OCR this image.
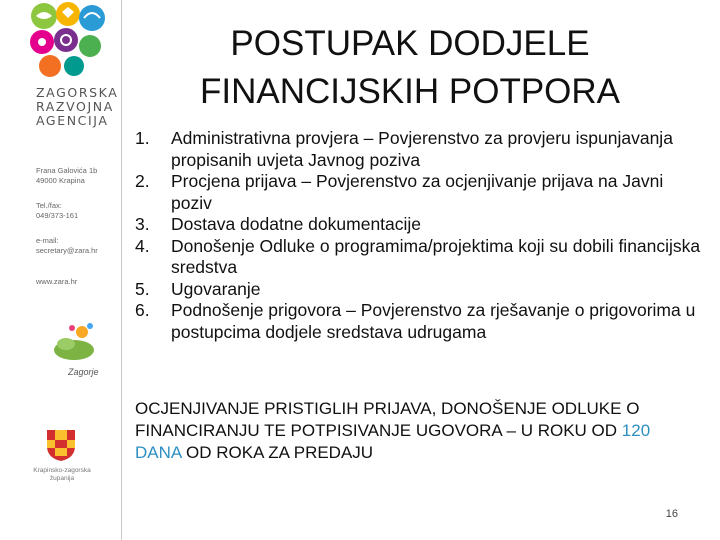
ZAGORSKA
RAZVOJNA
AGENCIJA
Frana Galovića 1b
49000 Krapina
Tel./fax:
049/373-161
e-mail:
secretary@zara.hr
www.zara.hr
Zagorje
Krapinsko-zagorska
županija
POSTUPAK DODJELE
FINANCIJSKIH POTPORA
1. Administrativna provjera – Povjerenstvo za provjeru ispunjavanja propisanih uvjeta Javnog poziva
2. Procjena prijava – Povjerenstvo za ocjenjivanje prijava na Javni poziv
3. Dostava dodatne dokumentacije
4. Donošenje Odluke o programima/projektima koji su dobili financijska sredstva
5. Ugovaranje
6. Podnošenje prigovora – Povjerenstvo za rješavanje o prigovorima u postupcima dodjele sredstava udrugama
OCJENJIVANJE PRISTIGLIH PRIJAVA, DONOŠENJE ODLUKE O FINANCIRANJU TE POTPISIVANJE UGOVORA – U ROKU OD 120 DANA OD ROKA ZA PREDAJU
16
